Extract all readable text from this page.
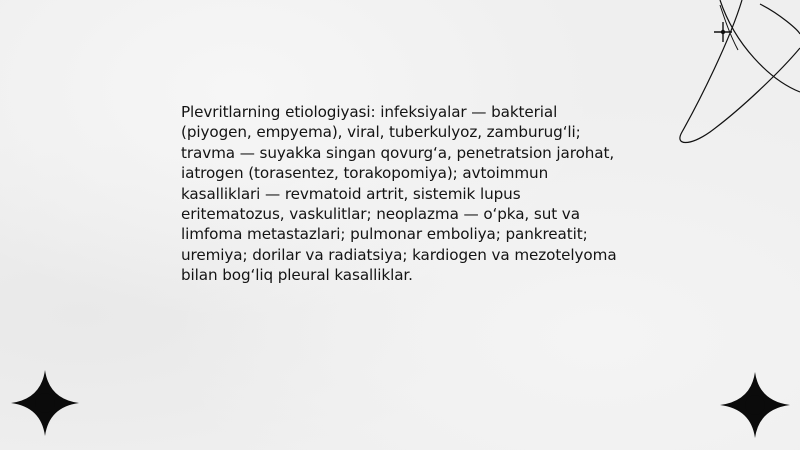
Plevritlarning etiologiyasi: infeksiyalar — bakterial (piyogen, empyema), viral, tuberkulyoz, zamburug‘li; travma — suyakka singan qovurg‘a, penetratsion jarohat, iatrogen (torasentez, torakopomiya); avtoimmun kasalliklari — revmatoid artrit, sistemik lupus eritematozus, vaskulitlar; neoplazma — o‘pka, sut va limfoma metastazlari; pulmonar emboliya; pankreatit; uremiya; dorilar va radiatsiya; kardiogen va mezotelyoma bilan bog‘liq pleural kasalliklar.
